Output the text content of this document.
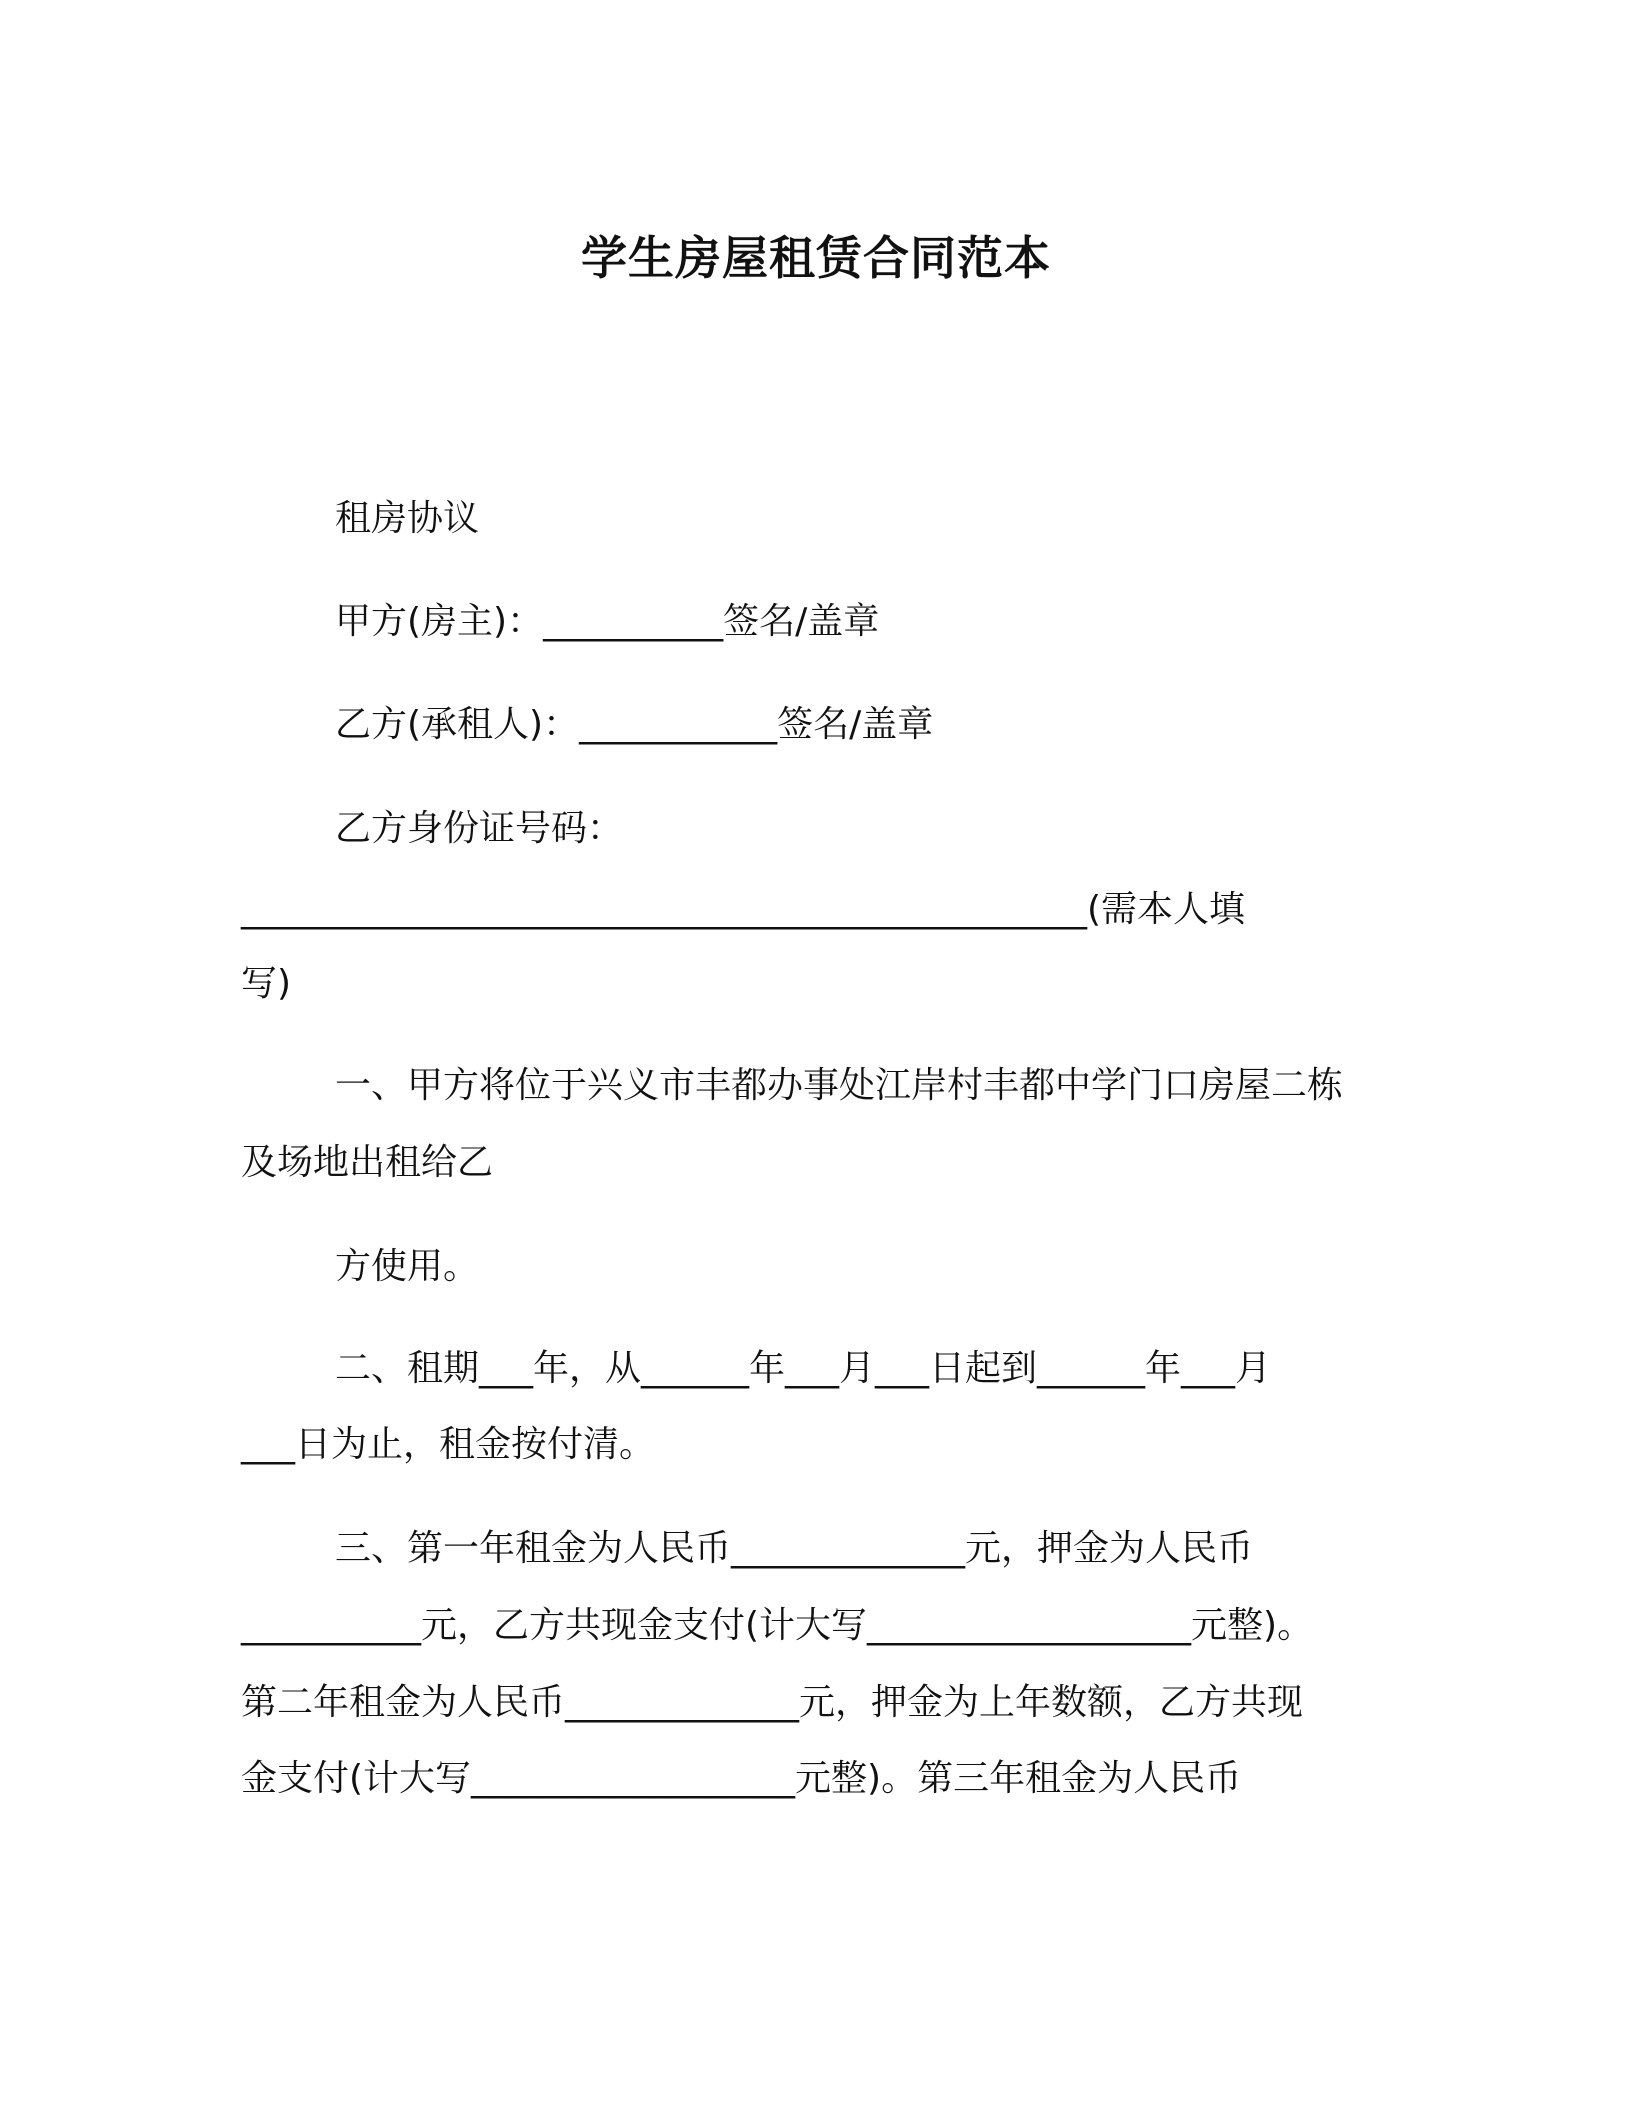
学生房屋租赁合同范本
租房协议
甲方(房主)：__________签名/盖章
乙方(承租人)：___________签名/盖章
乙方身份证号码：
_______________________________________________(需本人填
写)
一、甲方将位于兴义市丰都办事处江岸村丰都中学门口房屋二栋
及场地出租给乙
方使用。
二、租期___年，从______年___月___日起到______年___月
___日为止，租金按付清。
三、第一年租金为人民币_____________元，押金为人民币
__________元，乙方共现金支付(计大写__________________元整)。
第二年租金为人民币_____________元，押金为上年数额，乙方共现
金支付(计大写__________________元整)。第三年租金为人民币
